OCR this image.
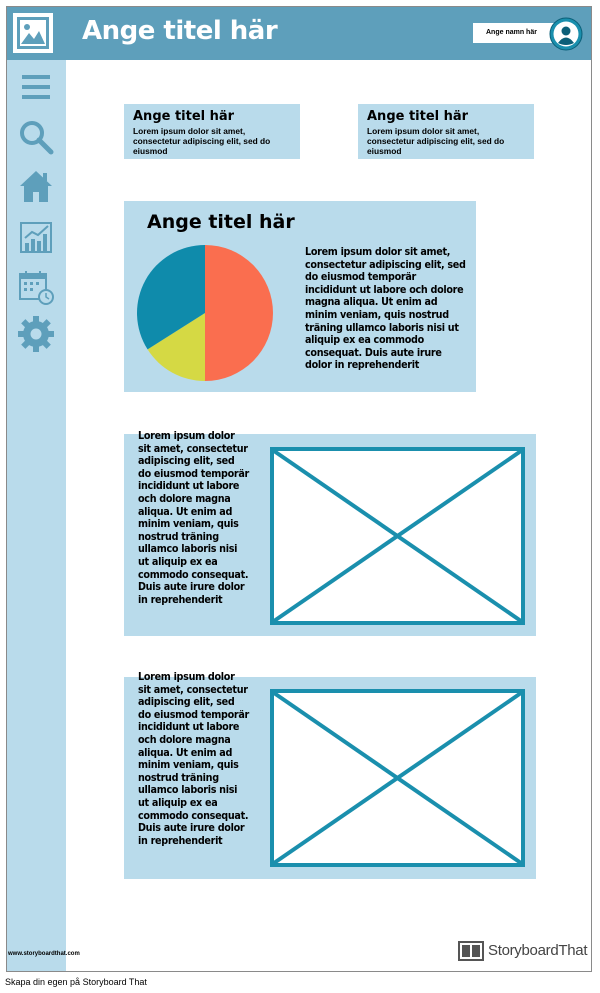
Ange titel här	Ange namn här
Ange titel här
Lorem ipsum dolor sit amet, consectetur adipiscing elit, sed do eiusmod
Ange titel här
Lorem ipsum dolor sit amet, consectetur adipiscing elit, sed do eiusmod
Ange titel här
Lorem ipsum dolor sit amet, consectetur adipiscing elit, sed do eiusmod temporär incididunt ut labore och dolore magna aliqua. Ut enim ad minim veniam, quis nostrud träning ullamco laboris nisi ut aliquip ex ea commodo consequat. Duis aute irure dolor in reprehenderit
Lorem ipsum dolor sit amet, consectetur adipiscing elit, sed do eiusmod temporär incididunt ut labore och dolore magna aliqua. Ut enim ad minim veniam, quis nostrud träning ullamco laboris nisi ut aliquip ex ea commodo consequat. Duis aute irure dolor in reprehenderit
Lorem ipsum dolor sit amet, consectetur adipiscing elit, sed do eiusmod temporär incididunt ut labore och dolore magna aliqua. Ut enim ad minim veniam, quis nostrud träning ullamco laboris nisi ut aliquip ex ea commodo consequat. Duis aute irure dolor in reprehenderit
www.storyboardthat.com	StoryboardThat
Skapa din egen på Storyboard That
